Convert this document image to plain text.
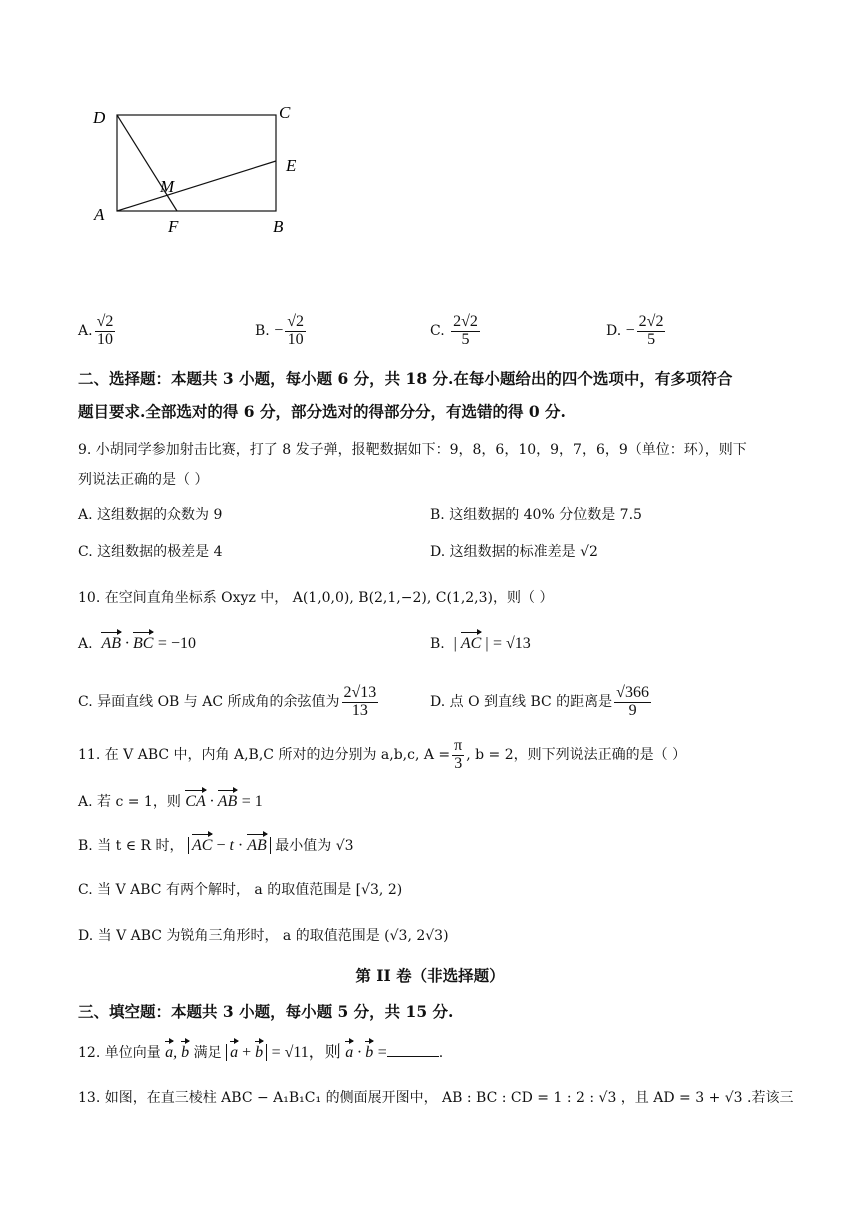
D	C
E
M
A
F	B
A. $\frac{√2}{10}$	B.
− $\frac{√2}{10}$	C.
$\frac{2√2}{5}$	D.
− $\frac{2√2}{5}$
二、选择题：本题共 3 小题，每小题 6 分，共 18 分.在每小题给出的四个选项中，有多项符合
题目要求.全部选对的得 6 分，部分选对的得部分分，有选错的得 0 分.
9. 小胡同学参加射击比赛，打了 8 发子弹，报靶数据如下：9，8，6，10，9，7，6，9（单位：环），则下
列说法正确的是（ ）
A. 这组数据的众数为 9	B. 这组数据的 40% 分位数是 7.5
C. 这组数据的极差是 4	D. 这组数据的标准差是 √2
10. 在空间直角坐标系 Oxyz 中， A(1,0,0), B(2,1,−2), C(1,2,3)，则（ ）
A. AB · BC = −10	B. | AC | = √13
C. 异面直线 OB 与 AC 所成角的余弦值为 $\frac{2√13}{13}$	D. 点 O 到直线 BC 的距离是 $\frac{√366}{9}$
11. 在 V ABC 中，内角 A,B,C 所对的边分别为 a,b,c, $A = \frac{\pi}{3}$ , b = 2，则下列说法正确的是（ ）
A. 若 c = 1，则 CA · AB = 1
B. 当 t ∈ R 时， AC − t · AB 最小值为 √3
C. 当 V ABC 有两个解时， a 的取值范围是 [√3, 2)
D. 当 V ABC 为锐角三角形时， a 的取值范围是 (√3, 2√3)
第 II 卷（非选择题）
三、填空题：本题共 3 小题，每小题 5 分，共 15 分.
12. 单位向量 a, b 满足 a + b = √11，则 a · b =	.
13. 如图，在直三棱柱 ABC − A₁B₁C₁ 的侧面展开图中， AB : BC : CD = 1 : 2 : √3 ，且 AD = 3 + √3 .若该三
